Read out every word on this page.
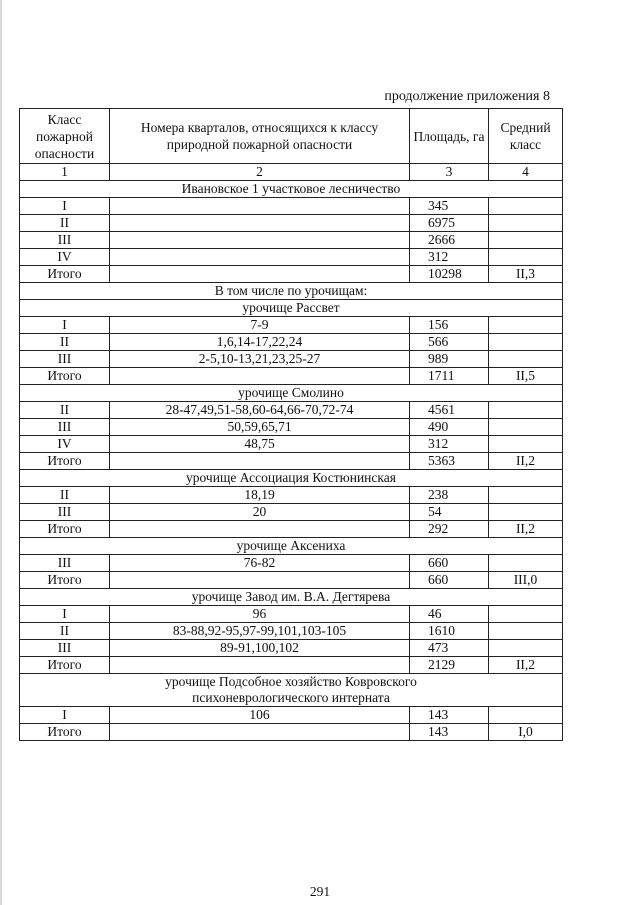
продолжение приложения 8
Класс пожарной опасности	Номера кварталов, относящихся к классу природной пожарной опасности	Площадь, га	Средний класс
1	2	3	4
Ивановское 1 участковое лесничество			
I		345	
II		6975	
III		2666	
IV		312	
Итого		10298	II,3
В том числе по урочищам:			
урочище Рассвет			
I	7-9	156	
II	1,6,14-17,22,24	566	
III	2-5,10-13,21,23,25-27	989	
Итого		1711	II,5
урочище Смолино			
II	28-47,49,51-58,60-64,66-70,72-74	4561	
III	50,59,65,71	490	
IV	48,75	312	
Итого		5363	II,2
урочище Ассоциация Костюнинская			
II	18,19	238	
III	20	54	
Итого		292	II,2
урочище Аксениха			
III	76-82	660	
Итого		660	III,0
урочище Завод им. В.А. Дегтярева			
I	96	46	
II	83-88,92-95,97-99,101,103-105	1610	
III	89-91,100,102	473	
Итого		2129	II,2
урочище Подсобное хозяйство Ковровского психоневрологического интерната			
I	106	143	
Итого		143	I,0
291
